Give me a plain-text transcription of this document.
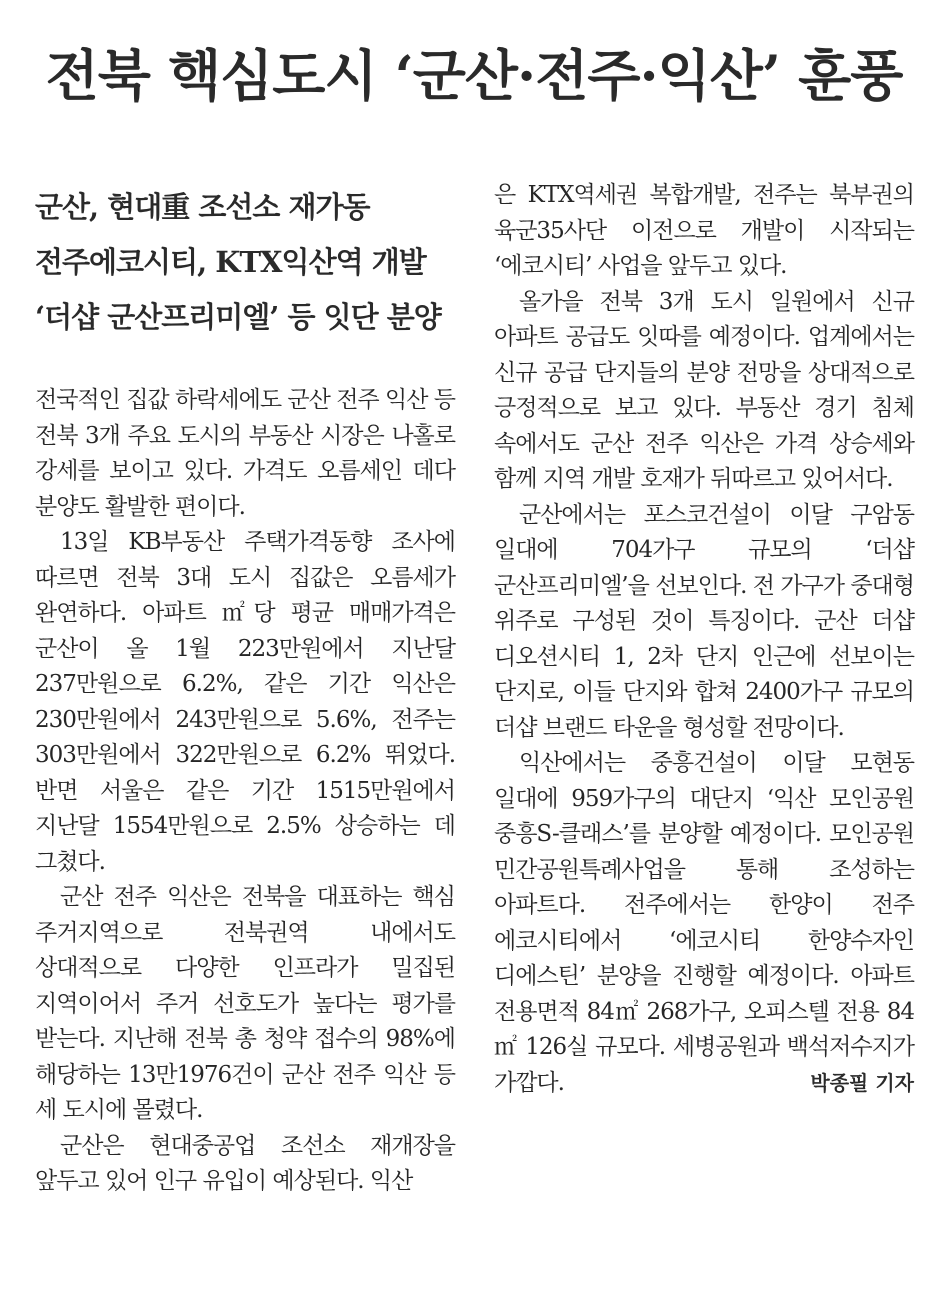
전북 핵심도시 ‘군산·전주·익산’ 훈풍
군산, 현대重 조선소 재가동
전주에코시티, KTX익산역 개발
‘더샵 군산프리미엘’ 등 잇단 분양

전국적인 집값 하락세에도 군산 전주 익산 등 전북 3개 주요 도시의 부동산 시장은 나홀로 강세를 보이고 있다. 가격도 오름세인 데다 분양도 활발한 편이다.

13일 KB부동산 주택가격동향 조사에 따르면 전북 3대 도시 집값은 오름세가 완연하다. 아파트 ㎡당 평균 매매가격은 군산이 올 1월 223만원에서 지난달 237만원으로 6.2%, 같은 기간 익산은 230만원에서 243만원으로 5.6%, 전주는 303만원에서 322만원으로 6.2% 뛰었다. 반면 서울은 같은 기간 1515만원에서 지난달 1554만원으로 2.5% 상승하는 데 그쳤다.

군산 전주 익산은 전북을 대표하는 핵심 주거지역으로 전북권역 내에서도 상대적으로 다양한 인프라가 밀집된 지역이어서 주거 선호도가 높다는 평가를 받는다. 지난해 전북 총 청약 접수의 98%에 해당하는 13만1976건이 군산 전주 익산 등 세 도시에 몰렸다.

군산은 현대중공업 조선소 재개장을 앞두고 있어 인구 유입이 예상된다. 익산

은 KTX역세권 복합개발, 전주는 북부권의 육군35사단 이전으로 개발이 시작되는 ‘에코시티’ 사업을 앞두고 있다.

올가을 전북 3개 도시 일원에서 신규 아파트 공급도 잇따를 예정이다. 업계에서는 신규 공급 단지들의 분양 전망을 상대적으로 긍정적으로 보고 있다. 부동산 경기 침체 속에서도 군산 전주 익산은 가격 상승세와 함께 지역 개발 호재가 뒤따르고 있어서다.

군산에서는 포스코건설이 이달 구암동 일대에 704가구 규모의 ‘더샵 군산프리미엘’을 선보인다. 전 가구가 중대형 위주로 구성된 것이 특징이다. 군산 더샵 디오션시티 1, 2차 단지 인근에 선보이는 단지로, 이들 단지와 합쳐 2400가구 규모의 더샵 브랜드 타운을 형성할 전망이다.

익산에서는 중흥건설이 이달 모현동 일대에 959가구의 대단지 ‘익산 모인공원 중흥S-클래스’를 분양할 예정이다. 모인공원 민간공원특례사업을 통해 조성하는 아파트다. 전주에서는 한양이 전주 에코시티에서 ‘에코시티 한양수자인 디에스틴’ 분양을 진행할 예정이다. 아파트 전용면적 84㎡ 268가구, 오피스텔 전용 84㎡ 126실 규모다. 세병공원과 백석저수지가 가깝다.	박종필 기자
